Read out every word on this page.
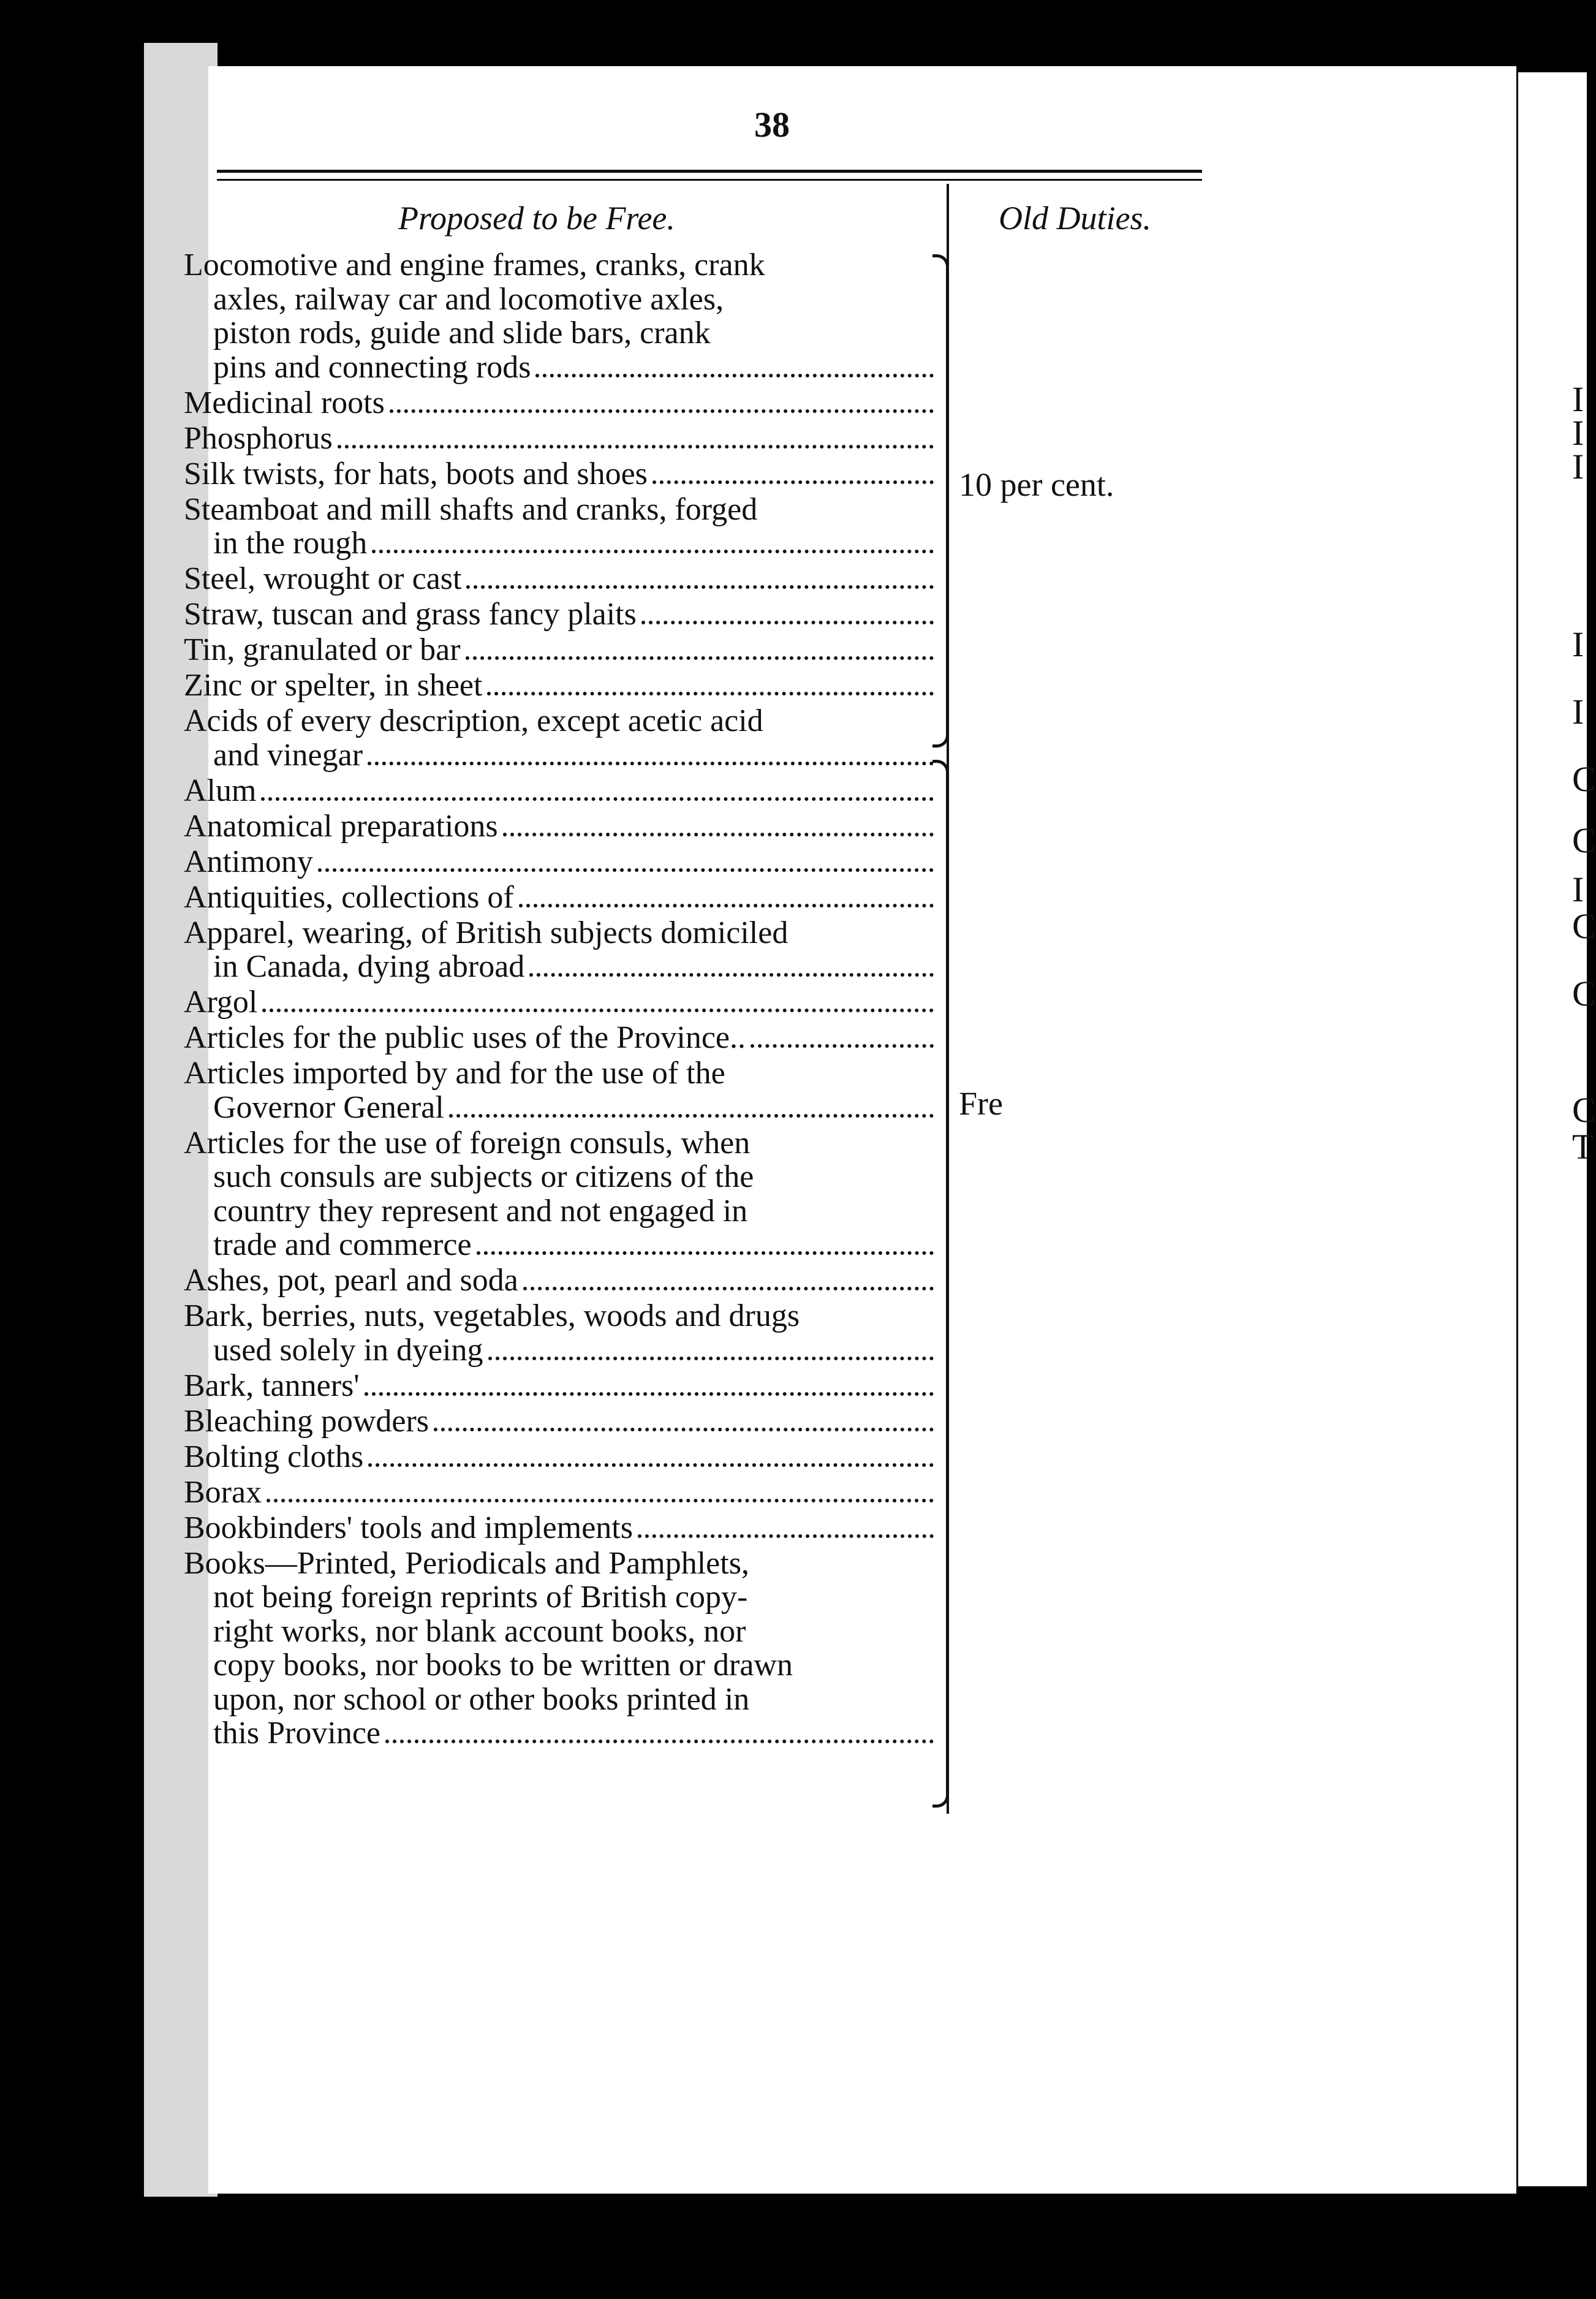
I
I
I
I
I
C
C
I
C
C
C
T
38
Proposed to be Free.	Old Duties.
Locomotive and engine frames, cranks, crank
axles, railway car and locomotive axles,
piston rods, guide and slide bars, crank
pins and connecting rods
Medicinal roots
Phosphorus
Silk twists, for hats, boots and shoes
Steamboat and mill shafts and cranks, forged
in the rough
Steel, wrought or cast
Straw, tuscan and grass fancy plaits
Tin, granulated or bar
Zinc or spelter, in sheet
Acids of every description, except acetic acid
and vinegar
Alum
Anatomical preparations
Antimony
Antiquities, collections of
Apparel, wearing, of British subjects domiciled
in Canada, dying abroad
Argol
Articles for the public uses of the Province..
Articles imported by and for the use of the
Governor General
Articles for the use of foreign consuls, when
such consuls are subjects or citizens of the
country they represent and not engaged in
trade and commerce
Ashes, pot, pearl and soda
Bark, berries, nuts, vegetables, woods and drugs
used solely in dyeing
Bark, tanners'
Bleaching powders
Bolting cloths
Borax
Bookbinders' tools and implements
Books—Printed, Periodicals and Pamphlets,
not being foreign reprints of British copy-
right works, nor blank account books, nor
copy books, nor books to be written or drawn
upon, nor school or other books printed in
this Province
10 per cent.
Fre
